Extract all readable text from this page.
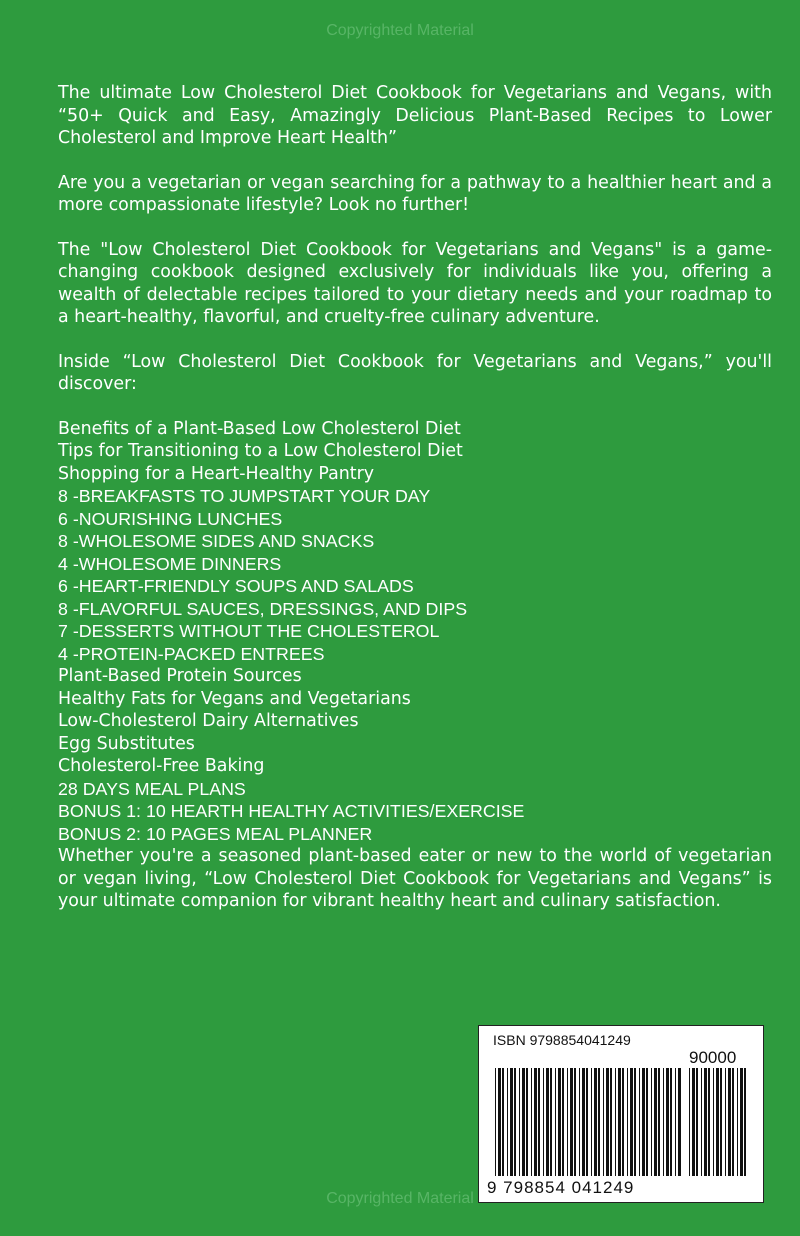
Copyrighted Material

The ultimate Low Cholesterol Diet Cookbook for Vegetarians and Vegans, with “50+ Quick and Easy, Amazingly Delicious Plant-Based Recipes to Lower Cholesterol and Improve Heart Health”

Are you a vegetarian or vegan searching for a pathway to a healthier heart and a more compassionate lifestyle? Look no further!

The "Low Cholesterol Diet Cookbook for Vegetarians and Vegans" is a game-changing cookbook designed exclusively for individuals like you, offering a wealth of delectable recipes tailored to your dietary needs and your roadmap to a heart-healthy, flavorful, and cruelty-free culinary adventure.

Inside “Low Cholesterol Diet Cookbook for Vegetarians and Vegans,” you'll discover:

Benefits of a Plant-Based Low Cholesterol Diet
Tips for Transitioning to a Low Cholesterol Diet
Shopping for a Heart-Healthy Pantry
8 -BREAKFASTS TO JUMPSTART YOUR DAY
6 -NOURISHING LUNCHES
8 -WHOLESOME SIDES AND SNACKS
4 -WHOLESOME DINNERS
6 -HEART-FRIENDLY SOUPS AND SALADS
8 -FLAVORFUL SAUCES, DRESSINGS, AND DIPS
7 -DESSERTS WITHOUT THE CHOLESTEROL
4 -PROTEIN-PACKED ENTREES
Plant-Based Protein Sources
Healthy Fats for Vegans and Vegetarians
Low-Cholesterol Dairy Alternatives
Egg Substitutes
Cholesterol-Free Baking
28 DAYS MEAL PLANS
BONUS 1: 10 HEARTH HEALTHY ACTIVITIES/EXERCISE
BONUS 2: 10 PAGES MEAL PLANNER

Whether you're a seasoned plant-based eater or new to the world of vegetarian or vegan living, “Low Cholesterol Diet Cookbook for Vegetarians and Vegans” is your ultimate companion for vibrant healthy heart and culinary satisfaction.

ISBN 9798854041249
90000
9 798854 041249
Copyrighted Material
